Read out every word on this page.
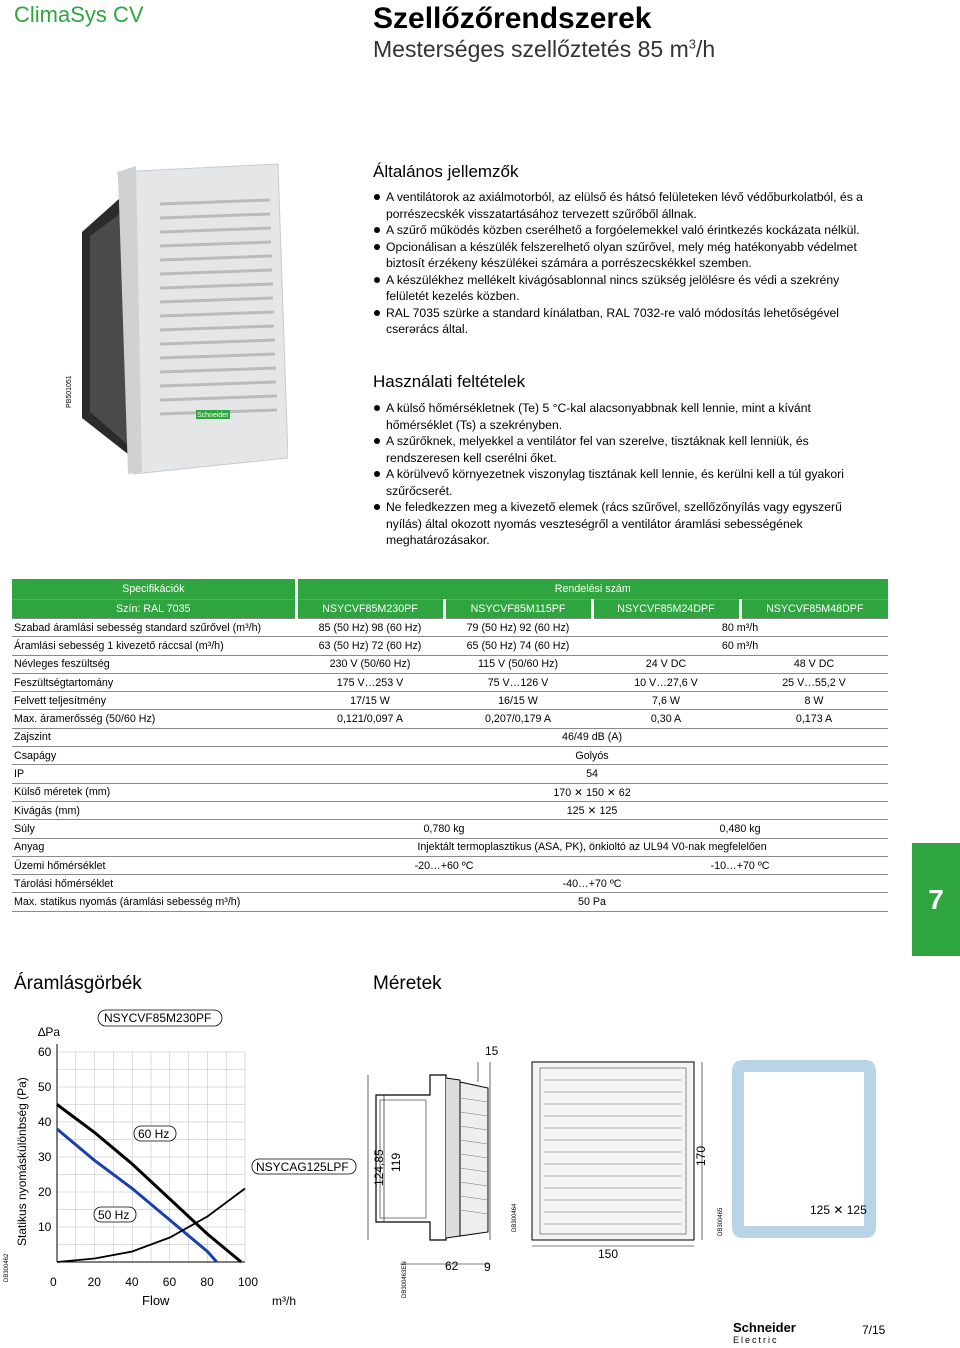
ClimaSys CV	Szellőzőrendszerek
Mesterséges szellőztetés 85 $m^3/h$
Schneider
PB501051
Általános jellemzők
A ventilátorok az axiálmotorból, az elülső és hátsó felületeken lévő védőburkolatból, és a porrészecskék visszatartásához tervezett szűrőből állnak.
A szűrő működés közben cserélhető a forgóelemekkel való érintkezés kockázata nélkül.
Opcionálisan a készülék felszerelhető olyan szűrővel, mely még hatékonyabb védelmet biztosít érzékeny készülékei számára a porrészecskékkel szemben.
A készülékhez mellékelt kivágósablonnal nincs szükség jelölésre és védi a szekrény felületét kezelés közben.
RAL 7035 szürke a standard kínálatban, RAL 7032-re való módosítás lehetőségével cserərács által.
Használati feltételek
A külső hőmérsékletnek (Te) 5 °C-kal alacsonyabbnak kell lennie, mint a kívánt hőmérséklet (Ts) a szekrényben.
A szűrőknek, melyekkel a ventilátor fel van szerelve, tisztáknak kell lenniük, és rendszeresen kell cserélni őket.
A körülvevő környezetnek viszonylag tisztának kell lennie, és kerülni kell a túl gyakori szűrőcserét.
Ne feledkezzen meg a kivezető elemek (rács szűrővel, szellőzőnyílás vagy egyszerű nyílás) által okozott nyomás veszteségről a ventilátor áramlási sebességének meghatározásakor.
Specifikációk	Rendelési szám			
Szín: RAL 7035	NSYCVF85M230PF	NSYCVF85M115PF	NSYCVF85M24DPF	NSYCVF85M48DPF
Szabad áramlási sebesség standard szűrővel (m³/h)	85 (50 Hz) 98 (60 Hz)	79 (50 Hz) 92 (60 Hz)	80 m³/h	
Áramlási sebesség 1 kivezető ráccsal (m³/h)	63 (50 Hz) 72 (60 Hz)	65 (50 Hz) 74 (60 Hz)	60 m³/h	
Névleges feszültség	230 V (50/60 Hz)	115 V (50/60 Hz)	24 V DC	48 V DC
Feszültségtartomány	175 V…253 V	75 V…126 V	10 V…27,6 V	25 V…55,2 V
Felvett teljesítmény	17/15 W	16/15 W	7,6 W	8 W
Max. áramerősség (50/60 Hz)	0,121/0,097 A	0,207/0,179 A	0,30 A	0,173 A
Zajszint	46/49 dB (A)			
Csapágy	Golyós			
IP	54			
Külső méretek (mm)	170 ✕ 150 ✕ 62			
Kivágás (mm)	125 ✕ 125			
Súly	0,780 kg		0,480 kg	
Anyag	Injektált termoplasztikus (ASA, PK), önkioltó az UL94 V0-nak megfelelően			
Üzemi hőmérséklet	-20…+60 ºC		-10…+70 ºC	
Tárolási hőmérséklet	-40…+70 ºC			
Max. statikus nyomás (áramlási sebesség m³/h)	50 Pa				7
Áramlásgörbék
0	20 40 60 80 100
10
20
30
40
50
60
∆Pa
NSYCVF85M230PF
60 Hz
50 Hz
NSYCAG125LPF
Flow	m³/h
Statikus nyomáskülönbség (Pa)
DB300462
Méretek
15
124,85 119
62 9
DB300463EN
150
170
DB300464	125 ✕ 125
DB300465
Schneider
Electric
7/15
